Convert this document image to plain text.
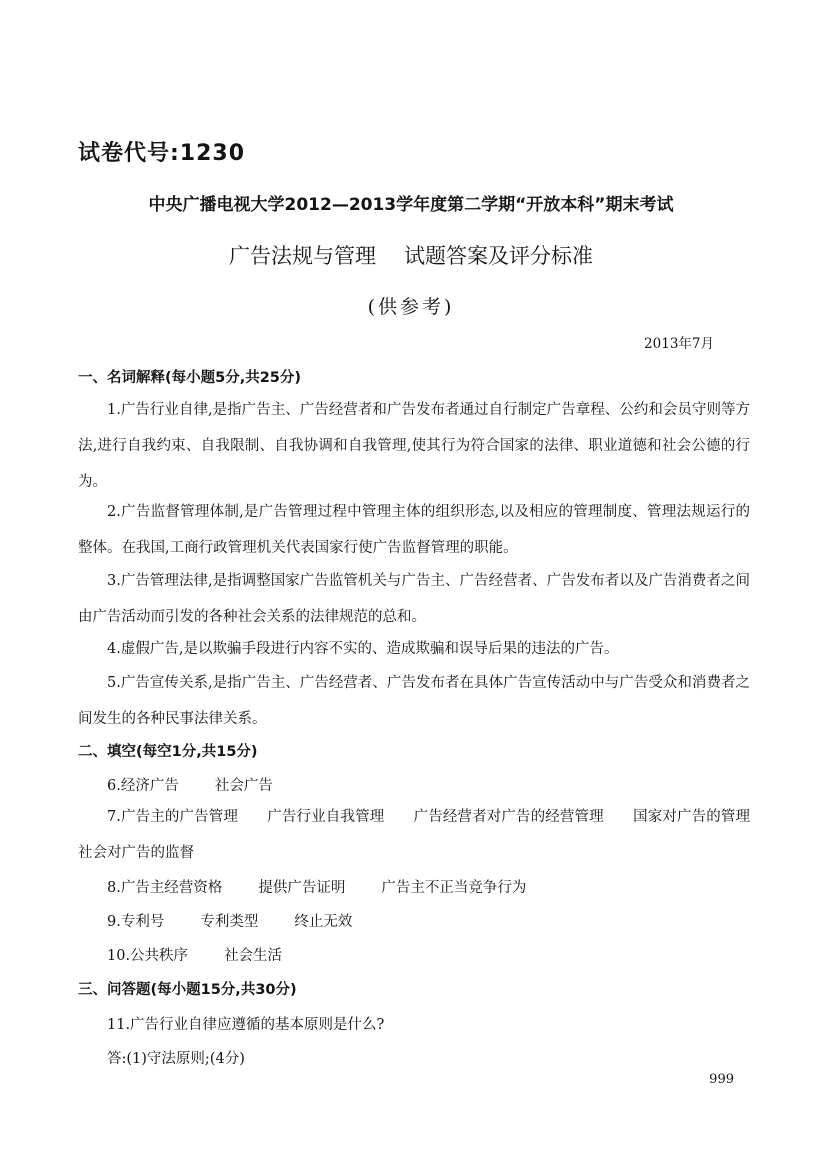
试卷代号:1230
中央广播电视大学2012—2013学年度第二学期“开放本科”期末考试
广告法规与管理 试题答案及评分标准
(供参考)
2013年7月
一、名词解释(每小题5分,共25分)
1.广告行业自律,是指广告主、广告经营者和广告发布者通过自行制定广告章程、公约和会员守则等方法,进行自我约束、自我限制、自我协调和自我管理,使其行为符合国家的法律、职业道德和社会公德的行为。
2.广告监督管理体制,是广告管理过程中管理主体的组织形态,以及相应的管理制度、管理法规运行的整体。在我国,工商行政管理机关代表国家行使广告监督管理的职能。
3.广告管理法律,是指调整国家广告监管机关与广告主、广告经营者、广告发布者以及广告消费者之间由广告活动而引发的各种社会关系的法律规范的总和。
4.虚假广告,是以欺骗手段进行内容不实的、造成欺骗和误导后果的违法的广告。
5.广告宣传关系,是指广告主、广告经营者、广告发布者在具体广告宣传活动中与广告受众和消费者之间发生的各种民事法律关系。
二、填空(每空1分,共15分)
6.经济广告 社会广告
7.广告主的广告管理　　广告行业自我管理　　广告经营者对广告的经营管理　　国家对广告的管理　　社会对广告的监督
8.广告主经营资格 提供广告证明 广告主不正当竞争行为
9.专利号 专利类型 终止无效
10.公共秩序 社会生活
三、问答题(每小题15分,共30分)
11.广告行业自律应遵循的基本原则是什么?
答:(1)守法原则;(4分)
999
